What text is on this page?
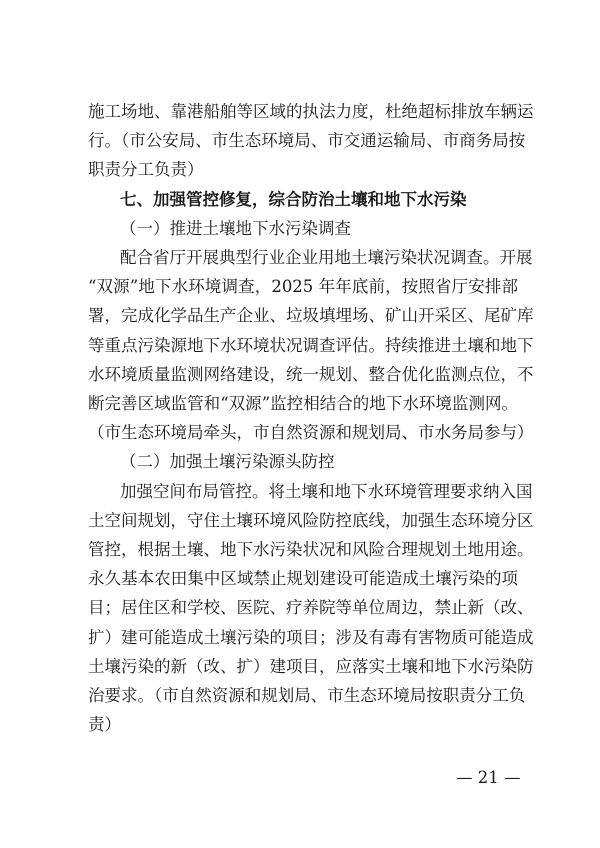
施工场地、靠港船舶等区域的执法力度，杜绝超标排放车辆运
行。（市公安局、市生态环境局、市交通运输局、市商务局按
职责分工负责）
七、加强管控修复，综合防治土壤和地下水污染
（一）推进土壤地下水污染调查
配合省厅开展典型行业企业用地土壤污染状况调查。开展
“双源”地下水环境调查，2025 年年底前，按照省厅安排部
署，完成化学品生产企业、垃圾填埋场、矿山开采区、尾矿库
等重点污染源地下水环境状况调查评估。持续推进土壤和地下
水环境质量监测网络建设，统一规划、整合优化监测点位，不
断完善区域监管和“双源”监控相结合的地下水环境监测网。
（市生态环境局牵头，市自然资源和规划局、市水务局参与）
（二）加强土壤污染源头防控
加强空间布局管控。将土壤和地下水环境管理要求纳入国
土空间规划，守住土壤环境风险防控底线，加强生态环境分区
管控，根据土壤、地下水污染状况和风险合理规划土地用途。
永久基本农田集中区域禁止规划建设可能造成土壤污染的项
目；居住区和学校、医院、疗养院等单位周边，禁止新（改、
扩）建可能造成土壤污染的项目；涉及有毒有害物质可能造成
土壤污染的新（改、扩）建项目，应落实土壤和地下水污染防
治要求。（市自然资源和规划局、市生态环境局按职责分工负
责）
— 21 —
